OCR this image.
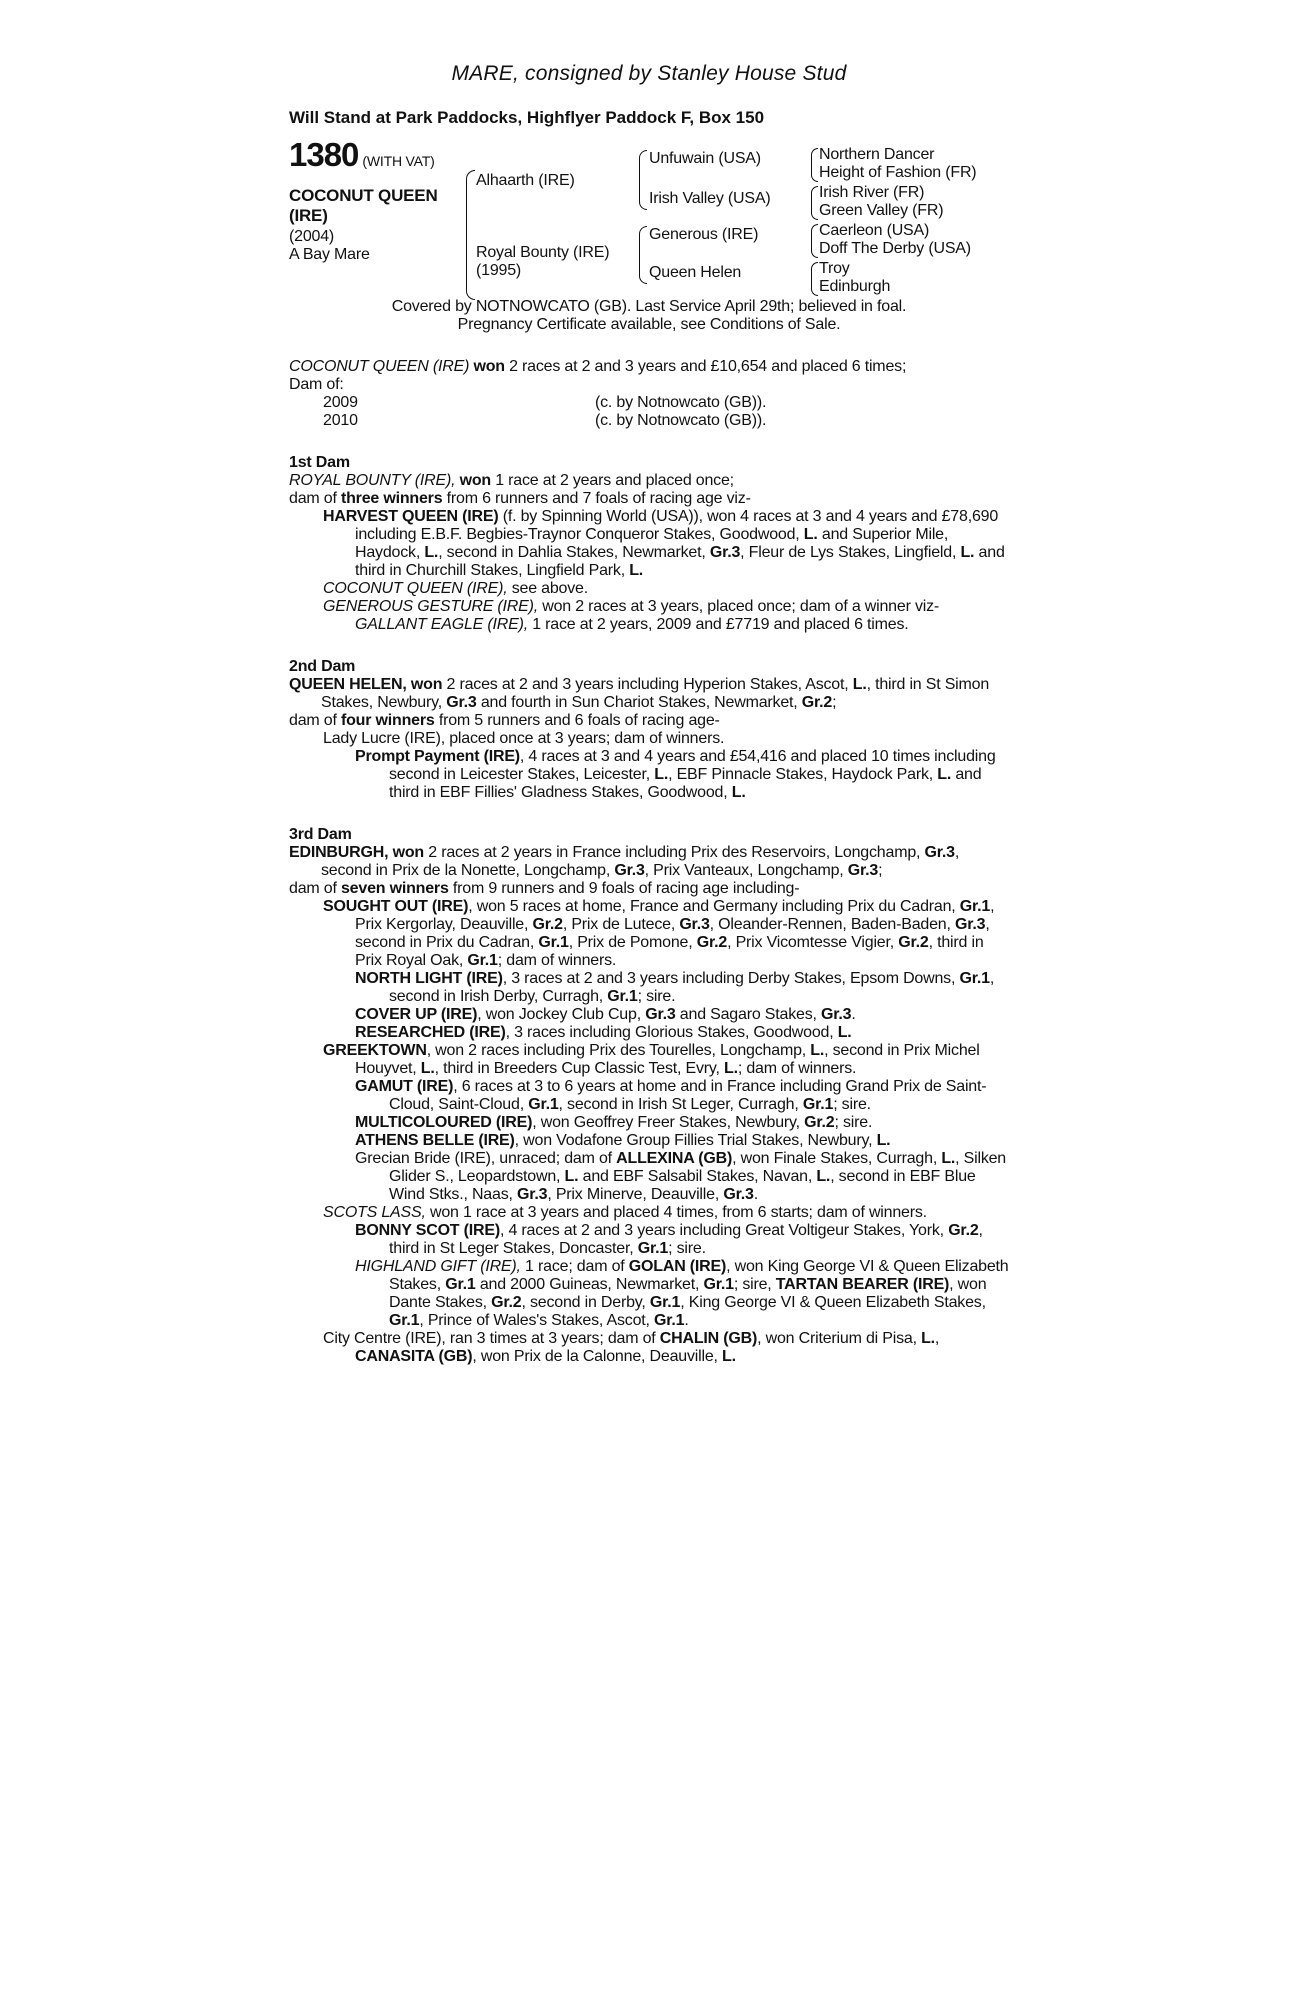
MARE, consigned by Stanley House Stud
Will Stand at Park Paddocks, Highflyer Paddock F, Box 150
1380 (WITH VAT)
COCONUT QUEEN
(IRE)
(2004)
A Bay Mare
Alhaarth (IRE)
Royal Bounty (IRE)
(1995)
Unfuwain (USA)
Irish Valley (USA)
Generous (IRE)
Queen Helen
Northern Dancer
Height of Fashion (FR)
Irish River (FR)
Green Valley (FR)
Caerleon (USA)
Doff The Derby (USA)
Troy
Edinburgh

Covered by NOTNOWCATO (GB). Last Service April 29th; believed in foal.

Pregnancy Certificate available, see Conditions of Sale.

COCONUT QUEEN (IRE) won 2 races at 2 and 3 years and £10,654 and placed 6 times;

Dam of:

2009	(c. by Notnowcato (GB)).
2010	(c. by Notnowcato (GB)).
1st Dam

ROYAL BOUNTY (IRE), won 1 race at 2 years and placed once;

dam of three winners from 6 runners and 7 foals of racing age viz-

HARVEST QUEEN (IRE) (f. by Spinning World (USA)), won 4 races at 3 and 4 years and £78,690 including E.B.F. Begbies-Traynor Conqueror Stakes, Goodwood, L. and Superior Mile, Haydock, L., second in Dahlia Stakes, Newmarket, Gr.3, Fleur de Lys Stakes, Lingfield, L. and third in Churchill Stakes, Lingfield Park, L.

COCONUT QUEEN (IRE), see above.

GENEROUS GESTURE (IRE), won 2 races at 3 years, placed once; dam of a winner viz-

GALLANT EAGLE (IRE), 1 race at 2 years, 2009 and £7719 and placed 6 times.

2nd Dam

QUEEN HELEN, won 2 races at 2 and 3 years including Hyperion Stakes, Ascot, L., third in St Simon Stakes, Newbury, Gr.3 and fourth in Sun Chariot Stakes, Newmarket, Gr.2;

dam of four winners from 5 runners and 6 foals of racing age-

Lady Lucre (IRE), placed once at 3 years; dam of winners.

Prompt Payment (IRE), 4 races at 3 and 4 years and £54,416 and placed 10 times including second in Leicester Stakes, Leicester, L., EBF Pinnacle Stakes, Haydock Park, L. and third in EBF Fillies' Gladness Stakes, Goodwood, L.

3rd Dam

EDINBURGH, won 2 races at 2 years in France including Prix des Reservoirs, Longchamp, Gr.3, second in Prix de la Nonette, Longchamp, Gr.3, Prix Vanteaux, Longchamp, Gr.3;

dam of seven winners from 9 runners and 9 foals of racing age including-

SOUGHT OUT (IRE), won 5 races at home, France and Germany including Prix du Cadran, Gr.1, Prix Kergorlay, Deauville, Gr.2, Prix de Lutece, Gr.3, Oleander-Rennen, Baden-Baden, Gr.3, second in Prix du Cadran, Gr.1, Prix de Pomone, Gr.2, Prix Vicomtesse Vigier, Gr.2, third in Prix Royal Oak, Gr.1; dam of winners.

NORTH LIGHT (IRE), 3 races at 2 and 3 years including Derby Stakes, Epsom Downs, Gr.1, second in Irish Derby, Curragh, Gr.1; sire.

COVER UP (IRE), won Jockey Club Cup, Gr.3 and Sagaro Stakes, Gr.3.

RESEARCHED (IRE), 3 races including Glorious Stakes, Goodwood, L.

GREEKTOWN, won 2 races including Prix des Tourelles, Longchamp, L., second in Prix Michel Houyvet, L., third in Breeders Cup Classic Test, Evry, L.; dam of winners.

GAMUT (IRE), 6 races at 3 to 6 years at home and in France including Grand Prix de Saint-Cloud, Saint-Cloud, Gr.1, second in Irish St Leger, Curragh, Gr.1; sire.

MULTICOLOURED (IRE), won Geoffrey Freer Stakes, Newbury, Gr.2; sire.

ATHENS BELLE (IRE), won Vodafone Group Fillies Trial Stakes, Newbury, L.

Grecian Bride (IRE), unraced; dam of ALLEXINA (GB), won Finale Stakes, Curragh, L., Silken Glider S., Leopardstown, L. and EBF Salsabil Stakes, Navan, L., second in EBF Blue Wind Stks., Naas, Gr.3, Prix Minerve, Deauville, Gr.3.

SCOTS LASS, won 1 race at 3 years and placed 4 times, from 6 starts; dam of winners.

BONNY SCOT (IRE), 4 races at 2 and 3 years including Great Voltigeur Stakes, York, Gr.2, third in St Leger Stakes, Doncaster, Gr.1; sire.

HIGHLAND GIFT (IRE), 1 race; dam of GOLAN (IRE), won King George VI & Queen Elizabeth Stakes, Gr.1 and 2000 Guineas, Newmarket, Gr.1; sire, TARTAN BEARER (IRE), won Dante Stakes, Gr.2, second in Derby, Gr.1, King George VI & Queen Elizabeth Stakes, Gr.1, Prince of Wales's Stakes, Ascot, Gr.1.

City Centre (IRE), ran 3 times at 3 years; dam of CHALIN (GB), won Criterium di Pisa, L., CANASITA (GB), won Prix de la Calonne, Deauville, L.
